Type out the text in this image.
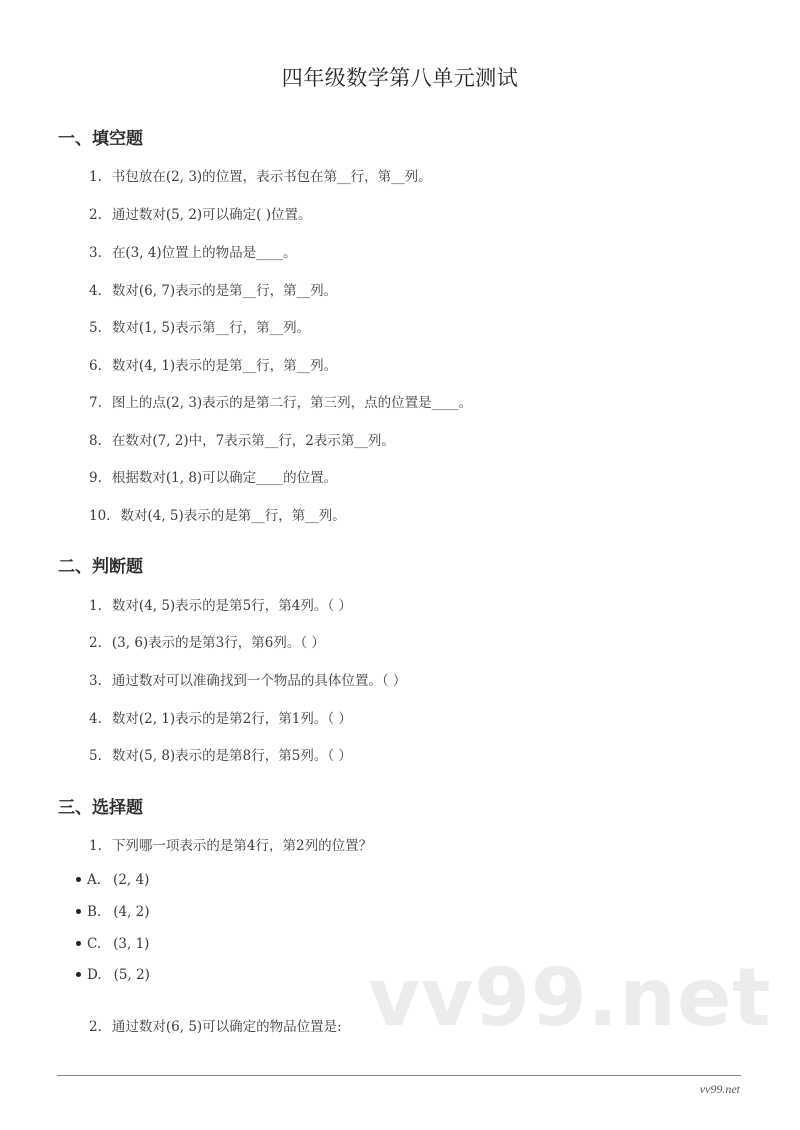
vv99.net
四年级数学第八单元测试
一、填空题
1. 书包放在(2, 3)的位置，表示书包在第__行，第__列。
2. 通过数对(5, 2)可以确定( )位置。
3. 在(3, 4)位置上的物品是____。
4. 数对(6, 7)表示的是第__行，第__列。
5. 数对(1, 5)表示第__行，第__列。
6. 数对(4, 1)表示的是第__行，第__列。
7. 图上的点(2, 3)表示的是第二行，第三列，点的位置是____。
8. 在数对(7, 2)中，7表示第__行，2表示第__列。
9. 根据数对(1, 8)可以确定____的位置。
10. 数对(4, 5)表示的是第__行，第__列。
二、判断题
1. 数对(4, 5)表示的是第5行，第4列。（ ）
2. (3, 6)表示的是第3行，第6列。（ ）
3. 通过数对可以准确找到一个物品的具体位置。（ ）
4. 数对(2, 1)表示的是第2行，第1列。（ ）
5. 数对(5, 8)表示的是第8行，第5列。（ ）
三、选择题
1. 下列哪一项表示的是第4行，第2列的位置？
A. (2, 4)
B. (4, 2)
C. (3, 1)
D. (5, 2)
2. 通过数对(6, 5)可以确定的物品位置是:
vv99.net
